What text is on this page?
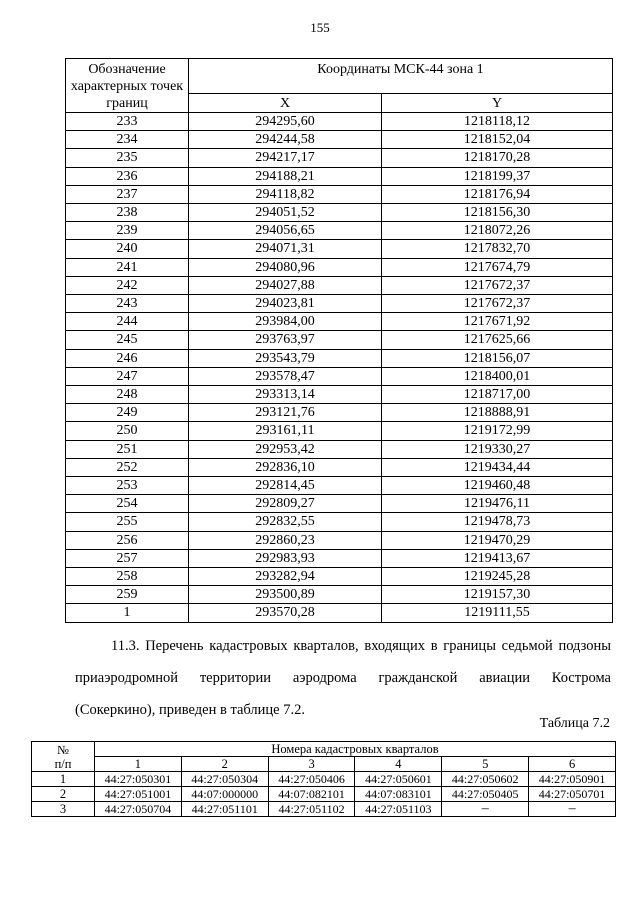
155
Обозначение характерных точек границ	Координаты МСК-44 зона 1	
	X	Y
233	294295,60	1218118,12
234	294244,58	1218152,04
235	294217,17	1218170,28
236	294188,21	1218199,37
237	294118,82	1218176,94
238	294051,52	1218156,30
239	294056,65	1218072,26
240	294071,31	1217832,70
241	294080,96	1217674,79
242	294027,88	1217672,37
243	294023,81	1217672,37
244	293984,00	1217671,92
245	293763,97	1217625,66
246	293543,79	1218156,07
247	293578,47	1218400,01
248	293313,14	1218717,00
249	293121,76	1218888,91
250	293161,11	1219172,99
251	292953,42	1219330,27
252	292836,10	1219434,44
253	292814,45	1219460,48
254	292809,27	1219476,11
255	292832,55	1219478,73
256	292860,23	1219470,29
257	292983,93	1219413,67
258	293282,94	1219245,28
259	293500,89	1219157,30
1	293570,28	1219111,55
11.3. Перечень кадастровых кварталов, входящих в границы седьмой подзоны
приаэродромной территории аэродрома гражданской авиации Кострома
(Сокеркино), приведен в таблице 7.2.
Таблица 7.2
№
п/п	Номера кадастровых кварталов					
	1	2	3	4	5	6
1	44:27:050301	44:27:050304	44:27:050406	44:27:050601	44:27:050602	44:27:050901
2	44:27:051001	44:07:000000	44:07:082101	44:07:083101	44:27:050405	44:27:050701
3	44:27:050704	44:27:051101	44:27:051102	44:27:051103	–	–
